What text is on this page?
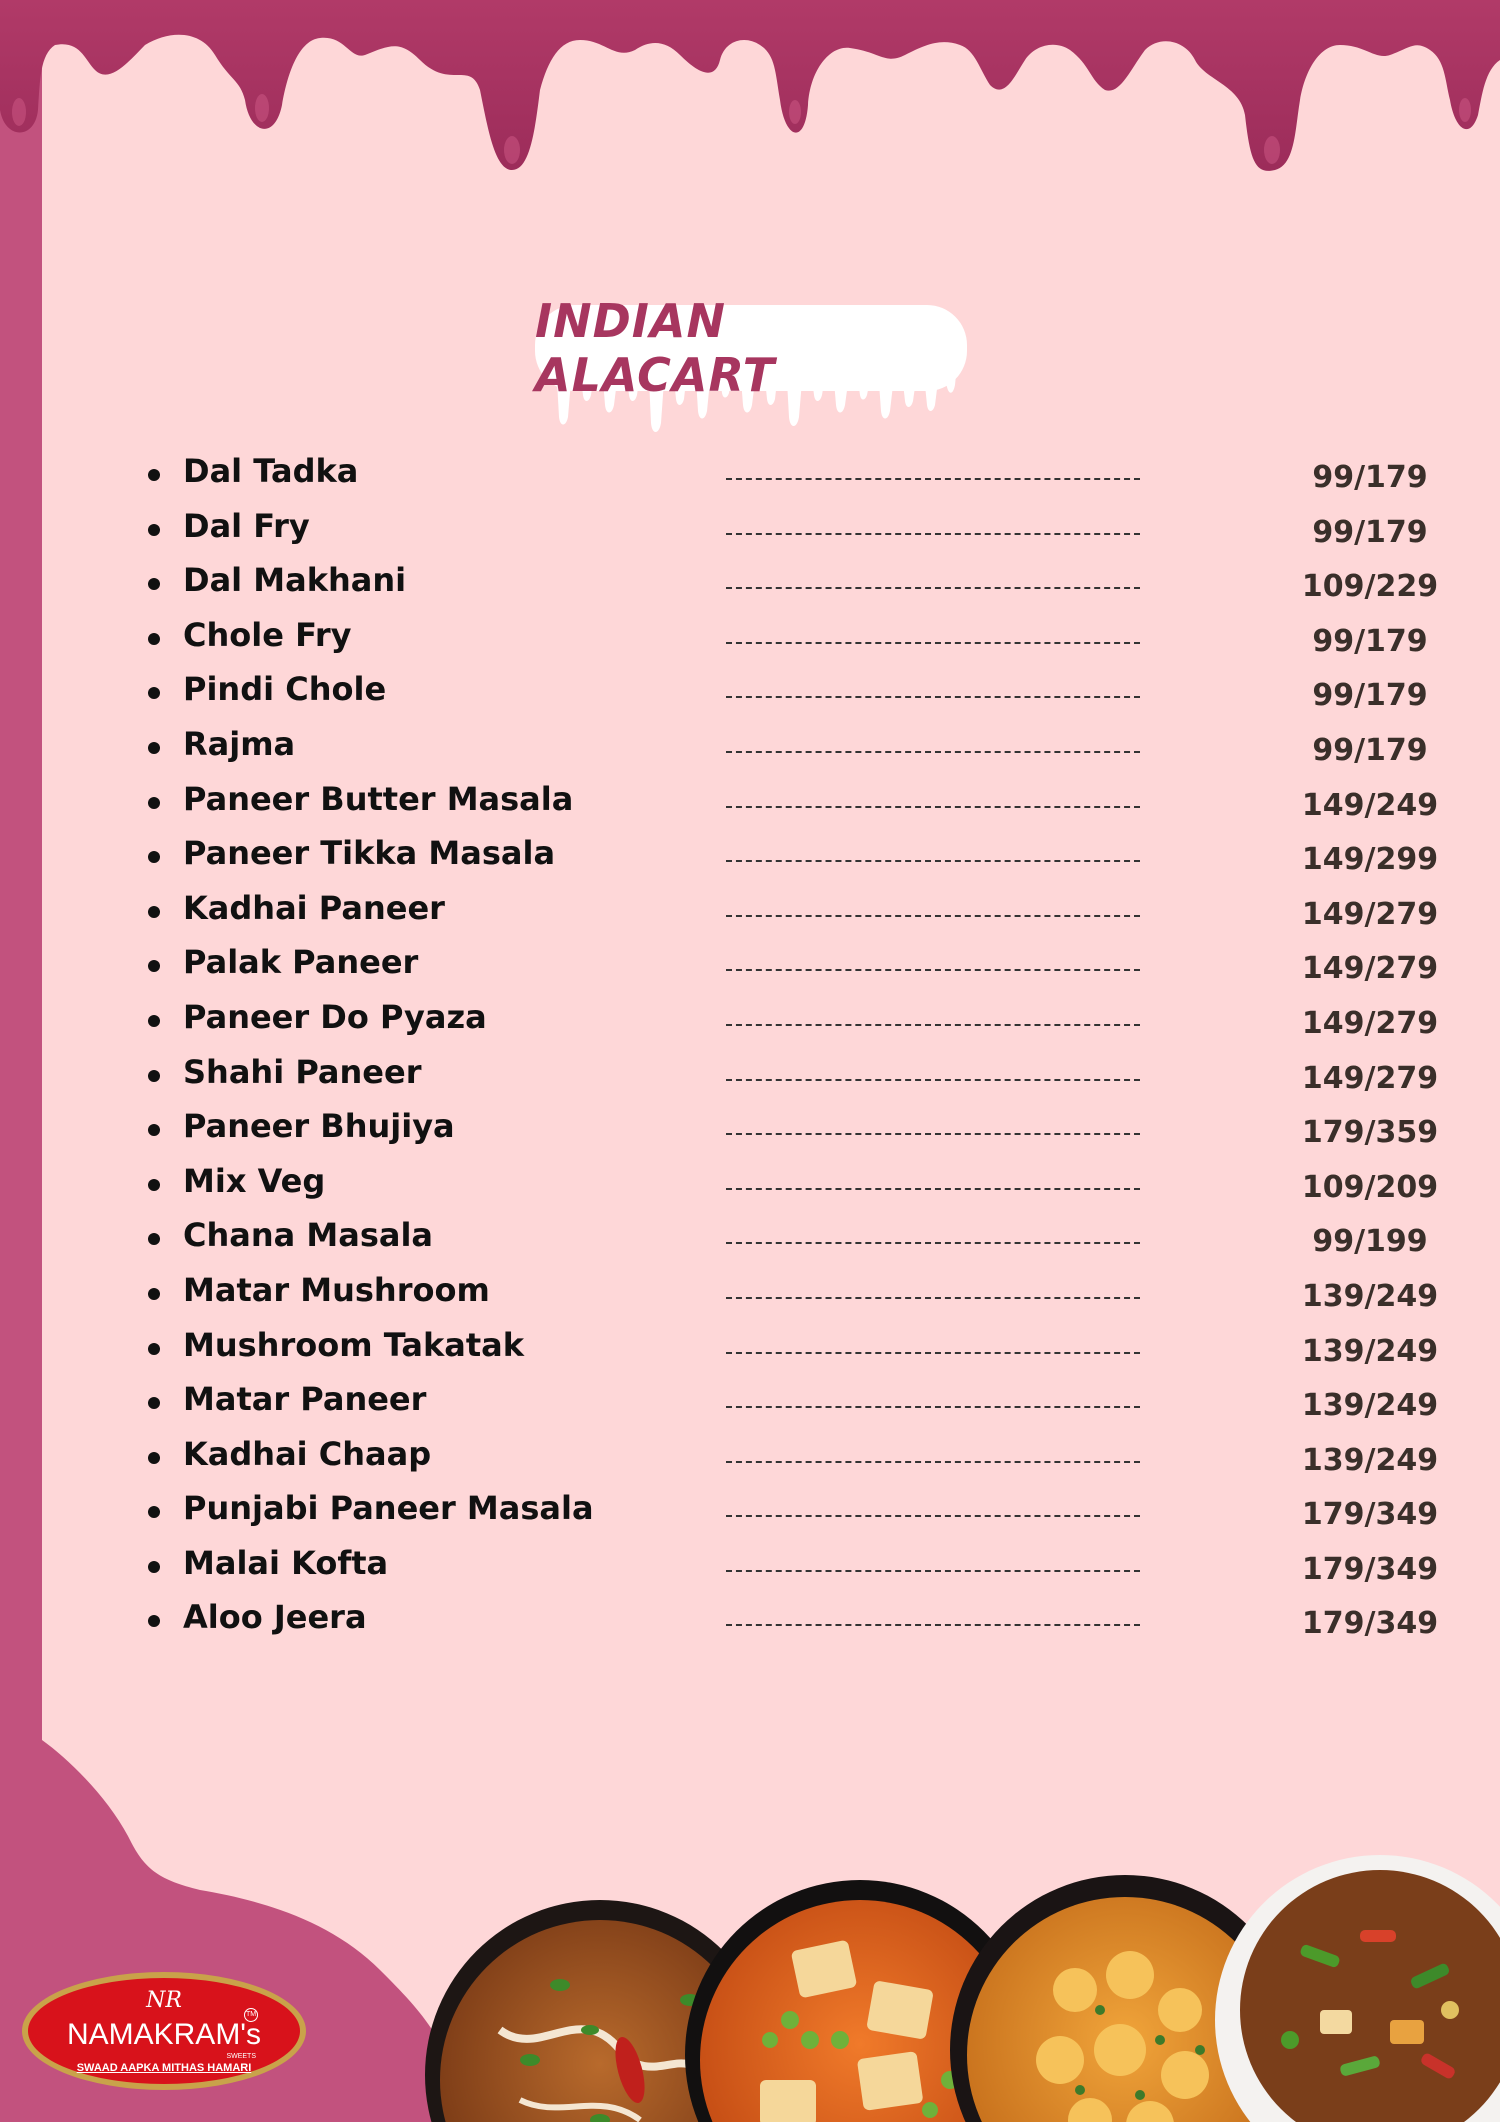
INDIAN ALACART
Dal Tadka	99/179
Dal Fry	99/179
Dal Makhani	109/229
Chole Fry	99/179
Pindi Chole	99/179
Rajma	99/179
Paneer Butter Masala	149/249
Paneer Tikka Masala	149/299
Kadhai Paneer	149/279
Palak Paneer	149/279
Paneer Do Pyaza	149/279
Shahi Paneer	149/279
Paneer Bhujiya	179/359
Mix Veg	109/209
Chana Masala	99/199
Matar Mushroom	139/249
Mushroom Takatak	139/249
Matar Paneer	139/249
Kadhai Chaap	139/249
Punjabi Paneer Masala	179/349
Malai Kofta	179/349
Aloo Jeera	179/349
NR
TM
NAMAKRAM's
SWEETS
SWAAD AAPKA MITHAS HAMARI
